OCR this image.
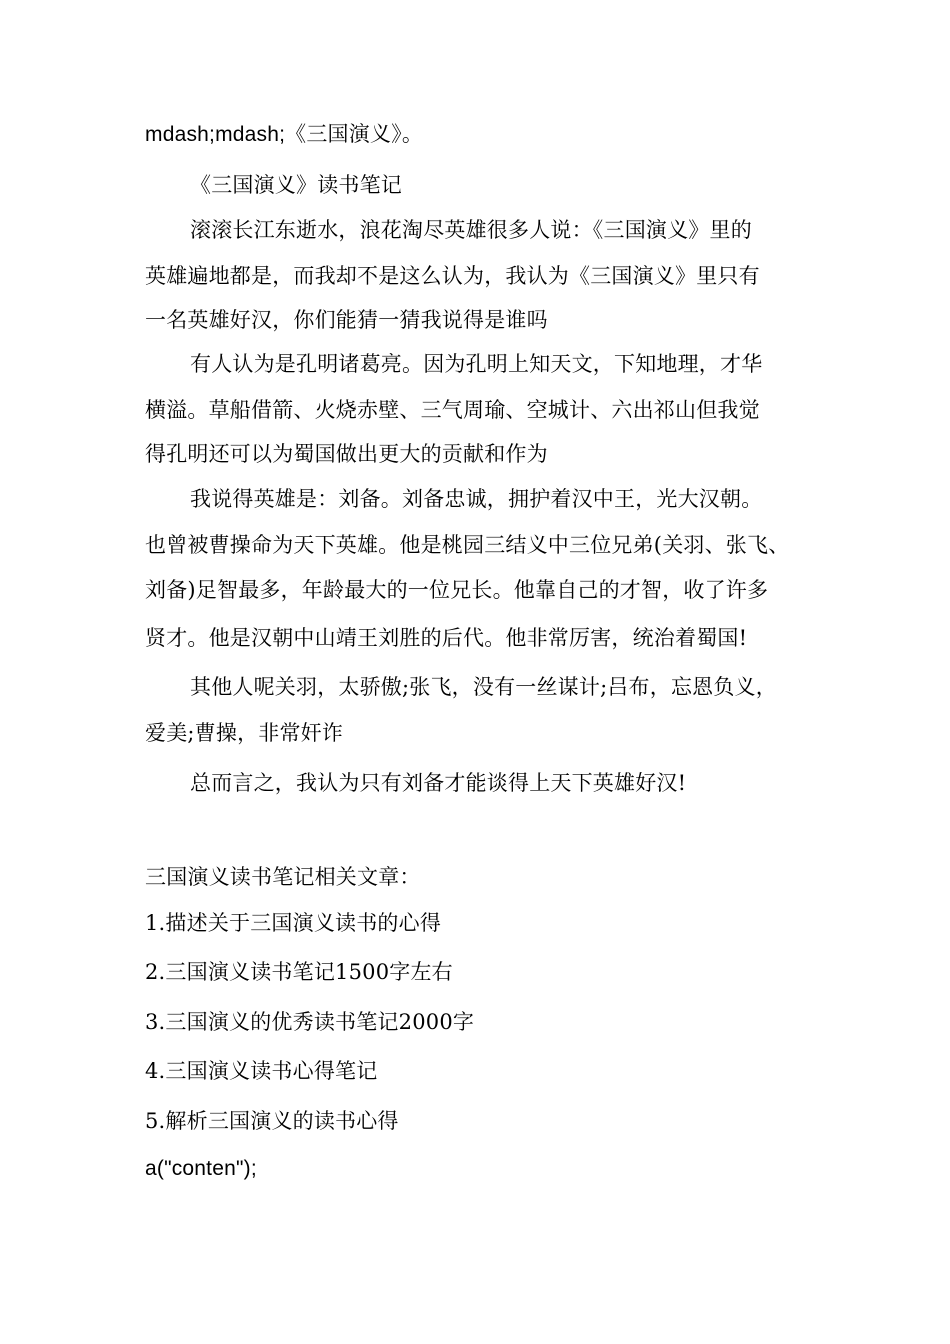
mdash;mdash;《三国演义》。
《三国演义》读书笔记
滚滚长江东逝水，浪花淘尽英雄很多人说：《三国演义》里的
英雄遍地都是，而我却不是这么认为，我认为《三国演义》里只有
一名英雄好汉，你们能猜一猜我说得是谁吗
有人认为是孔明诸葛亮。因为孔明上知天文，下知地理，才华
横溢。草船借箭、火烧赤壁、三气周瑜、空城计、六出祁山但我觉
得孔明还可以为蜀国做出更大的贡献和作为
我说得英雄是：刘备。刘备忠诚，拥护着汉中王，光大汉朝。
也曾被曹操命为天下英雄。他是桃园三结义中三位兄弟(关羽、张飞、
刘备)足智最多，年龄最大的一位兄长。他靠自己的才智，收了许多
贤才。他是汉朝中山靖王刘胜的后代。他非常厉害，统治着蜀国!
其他人呢关羽，太骄傲;张飞，没有一丝谋计;吕布，忘恩负义，
爱美;曹操，非常奸诈
总而言之，我认为只有刘备才能谈得上天下英雄好汉!
三国演义读书笔记相关文章：
1.描述关于三国演义读书的心得
2.三国演义读书笔记1500字左右
3.三国演义的优秀读书笔记2000字
4.三国演义读书心得笔记
5.解析三国演义的读书心得
a("conten");
